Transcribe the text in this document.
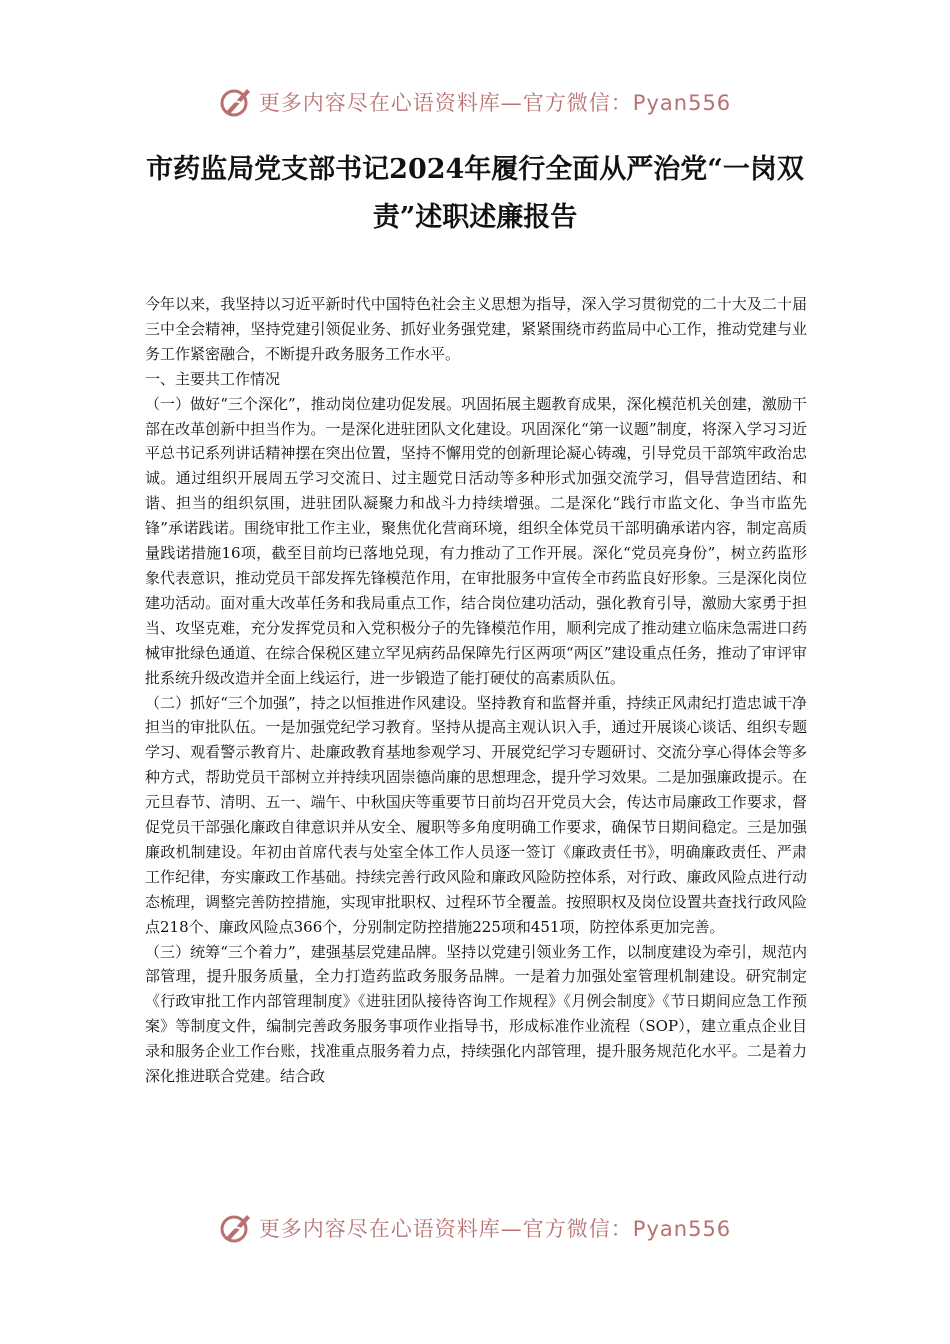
更多内容尽在心语资料库—官方微信：Pyan556
市药监局党支部书记2024年履行全面从严治党“一岗双责”述职述廉报告

今年以来，我坚持以习近平新时代中国特色社会主义思想为指导，深入学习贯彻党的二十大及二十届三中全会精神，坚持党建引领促业务、抓好业务强党建，紧紧围绕市药监局中心工作，推动党建与业务工作紧密融合，不断提升政务服务工作水平。

一、主要共工作情况

（一）做好“三个深化”，推动岗位建功促发展。巩固拓展主题教育成果，深化模范机关创建，激励干部在改革创新中担当作为。一是深化进驻团队文化建设。巩固深化“第一议题”制度，将深入学习习近平总书记系列讲话精神摆在突出位置，坚持不懈用党的创新理论凝心铸魂，引导党员干部筑牢政治忠诚。通过组织开展周五学习交流日、过主题党日活动等多种形式加强交流学习，倡导营造团结、和谐、担当的组织氛围，进驻团队凝聚力和战斗力持续增强。二是深化“践行市监文化、争当市监先锋”承诺践诺。围绕审批工作主业，聚焦优化营商环境，组织全体党员干部明确承诺内容，制定高质量践诺措施16项，截至目前均已落地兑现，有力推动了工作开展。深化“党员亮身份”，树立药监形象代表意识，推动党员干部发挥先锋模范作用，在审批服务中宣传全市药监良好形象。三是深化岗位建功活动。面对重大改革任务和我局重点工作，结合岗位建功活动，强化教育引导，激励大家勇于担当、攻坚克难，充分发挥党员和入党积极分子的先锋模范作用，顺利完成了推动建立临床急需进口药械审批绿色通道、在综合保税区建立罕见病药品保障先行区两项“两区”建设重点任务，推动了审评审批系统升级改造并全面上线运行，进一步锻造了能打硬仗的高素质队伍。

（二）抓好“三个加强”，持之以恒推进作风建设。坚持教育和监督并重，持续正风肃纪打造忠诚干净担当的审批队伍。一是加强党纪学习教育。坚持从提高主观认识入手，通过开展谈心谈话、组织专题学习、观看警示教育片、赴廉政教育基地参观学习、开展党纪学习专题研讨、交流分享心得体会等多种方式，帮助党员干部树立并持续巩固崇德尚廉的思想理念，提升学习效果。二是加强廉政提示。在元旦春节、清明、五一、端午、中秋国庆等重要节日前均召开党员大会，传达市局廉政工作要求，督促党员干部强化廉政自律意识并从安全、履职等多角度明确工作要求，确保节日期间稳定。三是加强廉政机制建设。年初由首席代表与处室全体工作人员逐一签订《廉政责任书》，明确廉政责任、严肃工作纪律，夯实廉政工作基础。持续完善行政风险和廉政风险防控体系，对行政、廉政风险点进行动态梳理，调整完善防控措施，实现审批职权、过程环节全覆盖。按照职权及岗位设置共查找行政风险点218个、廉政风险点366个，分别制定防控措施225项和451项，防控体系更加完善。

（三）统筹“三个着力”，建强基层党建品牌。坚持以党建引领业务工作，以制度建设为牵引，规范内部管理，提升服务质量，全力打造药监政务服务品牌。一是着力加强处室管理机制建设。研究制定《行政审批工作内部管理制度》《进驻团队接待咨询工作规程》《月例会制度》《节日期间应急工作预案》等制度文件，编制完善政务服务事项作业指导书，形成标准作业流程（SOP），建立重点企业目录和服务企业工作台账，找准重点服务着力点，持续强化内部管理，提升服务规范化水平。二是着力深化推进联合党建。结合政

更多内容尽在心语资料库—官方微信：Pyan556
